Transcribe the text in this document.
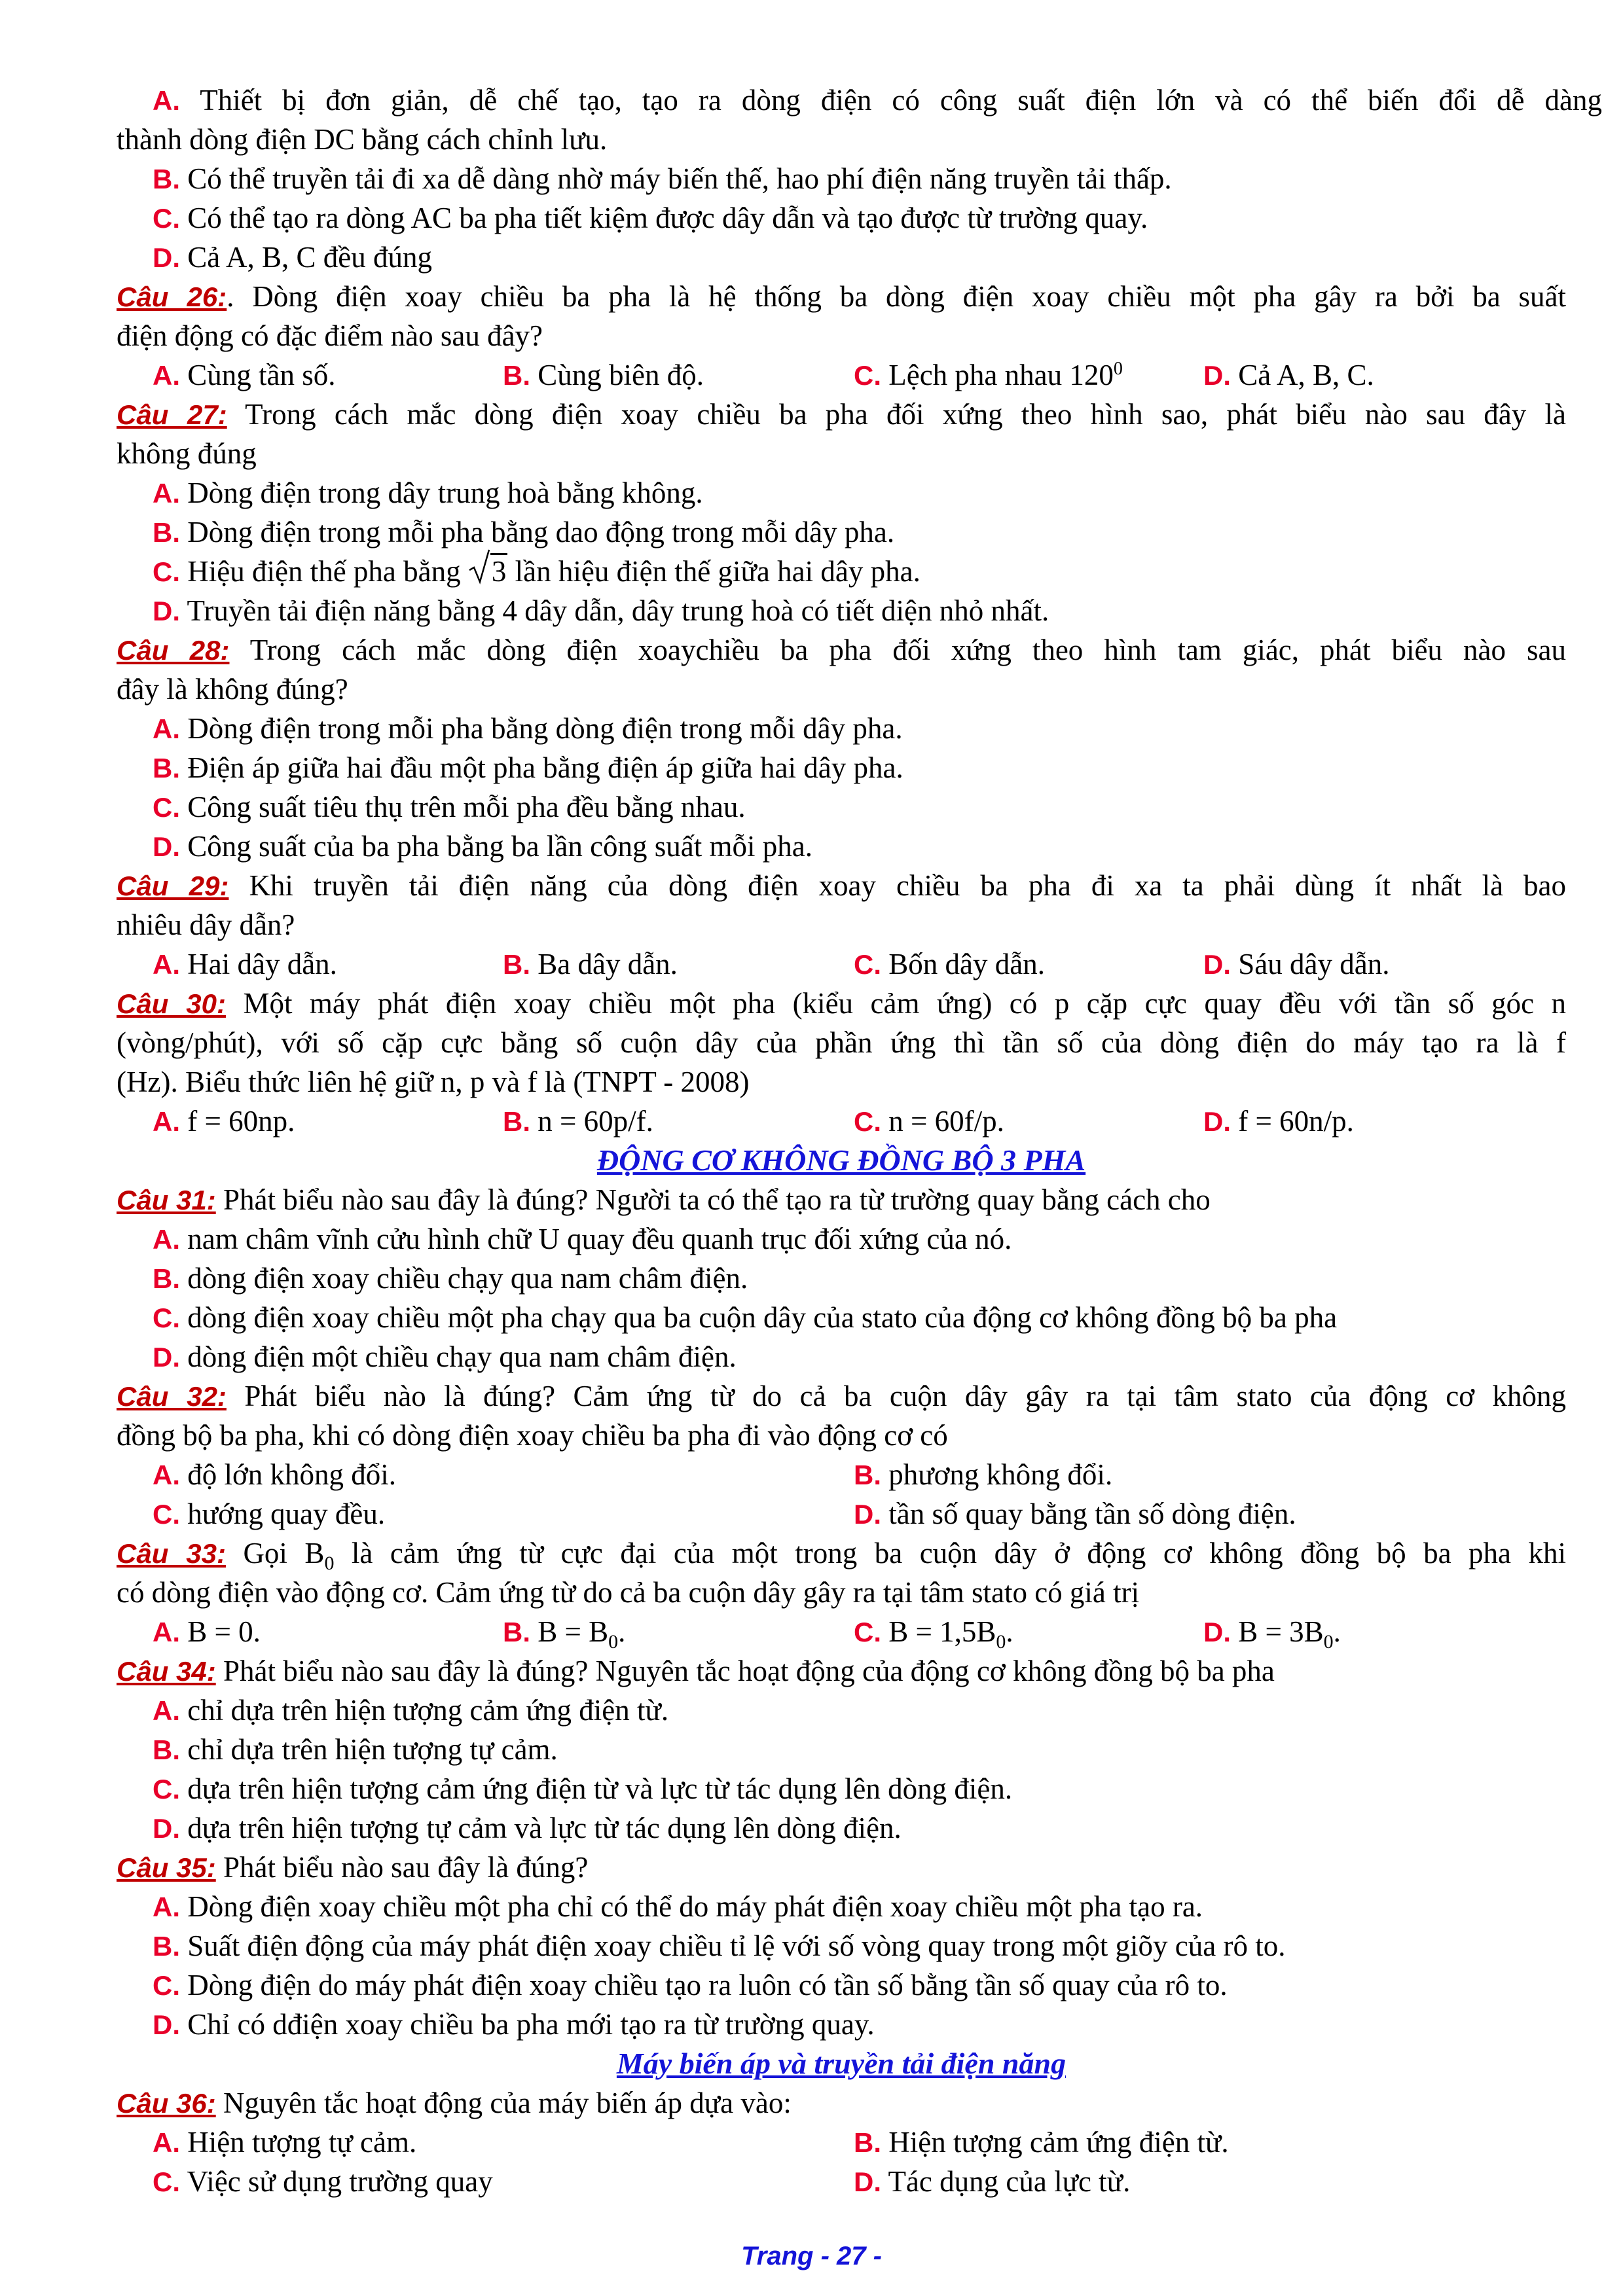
A. Thiết bị đơn giản, dễ chế tạo, tạo ra dòng điện có công suất điện lớn và có thể biến đổi dễ dàng
thành dòng điện DC bằng cách chỉnh lưu.
B. Có thể truyền tải đi xa dễ dàng nhờ máy biến thế, hao phí điện năng truyền tải thấp.
C. Có thể tạo ra dòng AC ba pha tiết kiệm được dây dẫn và tạo được từ trường quay.
D. Cả A, B, C đều đúng
Câu 26:. Dòng điện xoay chiều ba pha là hệ thống ba dòng điện xoay chiều một pha gây ra bởi ba suất
điện động có đặc điểm nào sau đây?
A. Cùng tần số.	B. Cùng biên độ.	C. Lệch pha nhau $120^0$	D. Cả A, B, C.
Câu 27: Trong cách mắc dòng điện xoay chiều ba pha đối xứng theo hình sao, phát biểu nào sau đây là
không đúng
A. Dòng điện trong dây trung hoà bằng không.
B. Dòng điện trong mỗi pha bằng dao động trong mỗi dây pha.
C. Hiệu điện thế pha bằng 3 lần hiệu điện thế giữa hai dây pha.
D. Truyền tải điện năng bằng 4 dây dẫn, dây trung hoà có tiết diện nhỏ nhất.
Câu 28: Trong cách mắc dòng điện xoaychiều ba pha đối xứng theo hình tam giác, phát biểu nào sau
đây là không đúng?
A. Dòng điện trong mỗi pha bằng dòng điện trong mỗi dây pha.
B. Điện áp giữa hai đầu một pha bằng điện áp giữa hai dây pha.
C. Công suất tiêu thụ trên mỗi pha đều bằng nhau.
D. Công suất của ba pha bằng ba lần công suất mỗi pha.
Câu 29: Khi truyền tải điện năng của dòng điện xoay chiều ba pha đi xa ta phải dùng ít nhất là bao
nhiêu dây dẫn?
A. Hai dây dẫn.	B. Ba dây dẫn.	C. Bốn dây dẫn.	D. Sáu dây dẫn.
Câu 30: Một máy phát điện xoay chiều một pha (kiểu cảm ứng) có p cặp cực quay đều với tần số góc n
(vòng/phút), với số cặp cực bằng số cuộn dây của phần ứng thì tần số của dòng điện do máy tạo ra là f
(Hz). Biểu thức liên hệ giữ n, p và f là (TNPT - 2008)
A. f = 60np.	B. n = 60p/f.	C. n = 60f/p.	D. f = 60n/p.
ĐỘNG CƠ KHÔNG ĐỒNG BỘ 3 PHA
Câu 31: Phát biểu nào sau đây là đúng? Người ta có thể tạo ra từ trường quay bằng cách cho
A. nam châm vĩnh cửu hình chữ U quay đều quanh trục đối xứng của nó.
B. dòng điện xoay chiều chạy qua nam châm điện.
C. dòng điện xoay chiều một pha chạy qua ba cuộn dây của stato của động cơ không đồng bộ ba pha
D. dòng điện một chiều chạy qua nam châm điện.
Câu 32: Phát biểu nào là đúng? Cảm ứng từ do cả ba cuộn dây gây ra tại tâm stato của động cơ không
đồng bộ ba pha, khi có dòng điện xoay chiều ba pha đi vào động cơ có
A. độ lớn không đổi.	B. phương không đổi.
C. hướng quay đều.	D. tần số quay bằng tần số dòng điện.
Câu 33: Gọi $B_0$ là cảm ứng từ cực đại của một trong ba cuộn dây ở động cơ không đồng bộ ba pha khi
có dòng điện vào động cơ. Cảm ứng từ do cả ba cuộn dây gây ra tại tâm stato có giá trị
A. B = 0.	B. $B = B_0$.	C. $B = 1,5B_0$.	D. $B = 3B_0$.
Câu 34: Phát biểu nào sau đây là đúng? Nguyên tắc hoạt động của động cơ không đồng bộ ba pha
A. chỉ dựa trên hiện tượng cảm ứng điện từ.
B. chỉ dựa trên hiện tượng tự cảm.
C. dựa trên hiện tượng cảm ứng điện từ và lực từ tác dụng lên dòng điện.
D. dựa trên hiện tượng tự cảm và lực từ tác dụng lên dòng điện.
Câu 35: Phát biểu nào sau đây là đúng?
A. Dòng điện xoay chiều một pha chỉ có thể do máy phát điện xoay chiều một pha tạo ra.
B. Suất điện động của máy phát điện xoay chiều tỉ lệ với số vòng quay trong một giõy của rô to.
C. Dòng điện do máy phát điện xoay chiều tạo ra luôn có tần số bằng tần số quay của rô to.
D. Chỉ có dđiện xoay chiều ba pha mới tạo ra từ trường quay.
Máy biến áp và truyền tải điện năng
Câu 36: Nguyên tắc hoạt động của máy biến áp dựa vào:
A. Hiện tượng tự cảm.	B. Hiện tượng cảm ứng điện từ.
C. Việc sử dụng trường quay	D. Tác dụng của lực từ.
Trang - 27 -
